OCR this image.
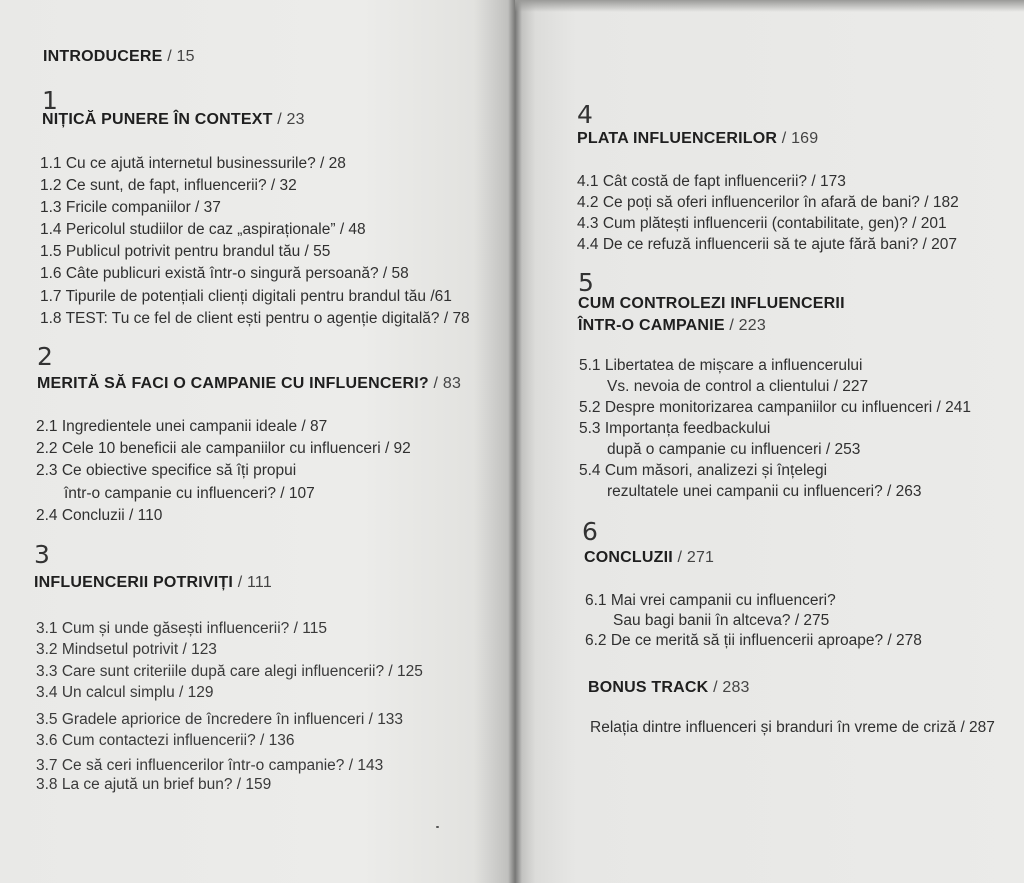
INTRODUCERE / 15
1
NIȚICĂ PUNERE ÎN CONTEXT / 23
1.1 Cu ce ajută internetul businessurile? / 28
1.2 Ce sunt, de fapt, influencerii? / 32
1.3 Fricile companiilor / 37
1.4 Pericolul studiilor de caz „aspiraționale” / 48
1.5 Publicul potrivit pentru brandul tău / 55
1.6 Câte publicuri există într-o singură persoană? / 58
1.7 Tipurile de potențiali clienți digitali pentru brandul tău /61
1.8 TEST: Tu ce fel de client ești pentru o agenție digitală? / 78
2
MERITĂ SĂ FACI O CAMPANIE CU INFLUENCERI? / 83
2.1 Ingredientele unei campanii ideale / 87
2.2 Cele 10 beneficii ale campaniilor cu influenceri / 92
2.3 Ce obiective specifice să îți propui
într-o campanie cu influenceri? / 107
2.4 Concluzii / 110
3
INFLUENCERII POTRIVIȚI / 111
3.1 Cum și unde găsești influencerii? / 115
3.2 Mindsetul potrivit / 123
3.3 Care sunt criteriile după care alegi influencerii? / 125
3.4 Un calcul simplu / 129
3.5 Gradele apriorice de încredere în influenceri / 133
3.6 Cum contactezi influencerii? / 136
3.7 Ce să ceri influencerilor într-o campanie? / 143
3.8 La ce ajută un brief bun? / 159
4
PLATA INFLUENCERILOR / 169
4.1 Cât costă de fapt influencerii? / 173
4.2 Ce poți să oferi influencerilor în afară de bani? / 182
4.3 Cum plătești influencerii (contabilitate, gen)? / 201
4.4 De ce refuză influencerii să te ajute fără bani? / 207
5
CUM CONTROLEZI INFLUENCERII
ÎNTR-O CAMPANIE / 223
5.1 Libertatea de mișcare a influencerului
Vs. nevoia de control a clientului / 227
5.2 Despre monitorizarea campaniilor cu influenceri / 241
5.3 Importanța feedbackului
după o campanie cu influenceri / 253
5.4 Cum măsori, analizezi și înțelegi
rezultatele unei campanii cu influenceri? / 263
6
CONCLUZII / 271
6.1 Mai vrei campanii cu influenceri?
Sau bagi banii în altceva? / 275
6.2 De ce merită să ții influencerii aproape? / 278
BONUS TRACK / 283
Relația dintre influenceri și branduri în vreme de criză / 287
